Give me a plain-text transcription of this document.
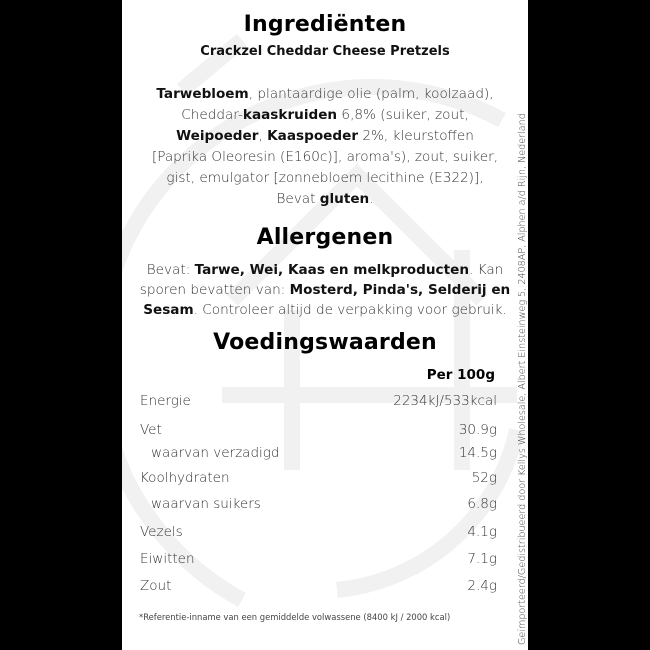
Ingrediënten
Crackzel Cheddar Cheese Pretzels
Tarwebloem, plantaardige olie (palm, koolzaad),
Cheddar-kaaskruiden 6,8% (suiker, zout,
Weipoeder, Kaaspoeder 2%, kleurstoffen
[Paprika Oleoresin (E160c)], aroma's), zout, suiker,
gist, emulgator [zonnebloem lecithine (E322)],
Bevat gluten.
Allergenen
Bevat: Tarwe, Wei, Kaas en melkproducten. Kan
sporen bevatten van: Mosterd, Pinda's, Selderij en
Sesam. Controleer altijd de verpakking voor gebruik.
Voedingswaarden
Per 100g
Energie	2234kJ/533kcal
Vet	30.9g
waarvan verzadigd	14.5g
Koolhydraten	52g
waarvan suikers	6.8g
Vezels	4.1g
Eiwitten	7.1g
Zout	2.4g
*Referentie-inname van een gemiddelde volwassene (8400 kJ / 2000 kcal)	Geïmporteerd/Gedistribueerd door Kellys Wholesale, Albert Einsteinweg 5, 2408AP, Alphen a/d Rijn, Nederland
